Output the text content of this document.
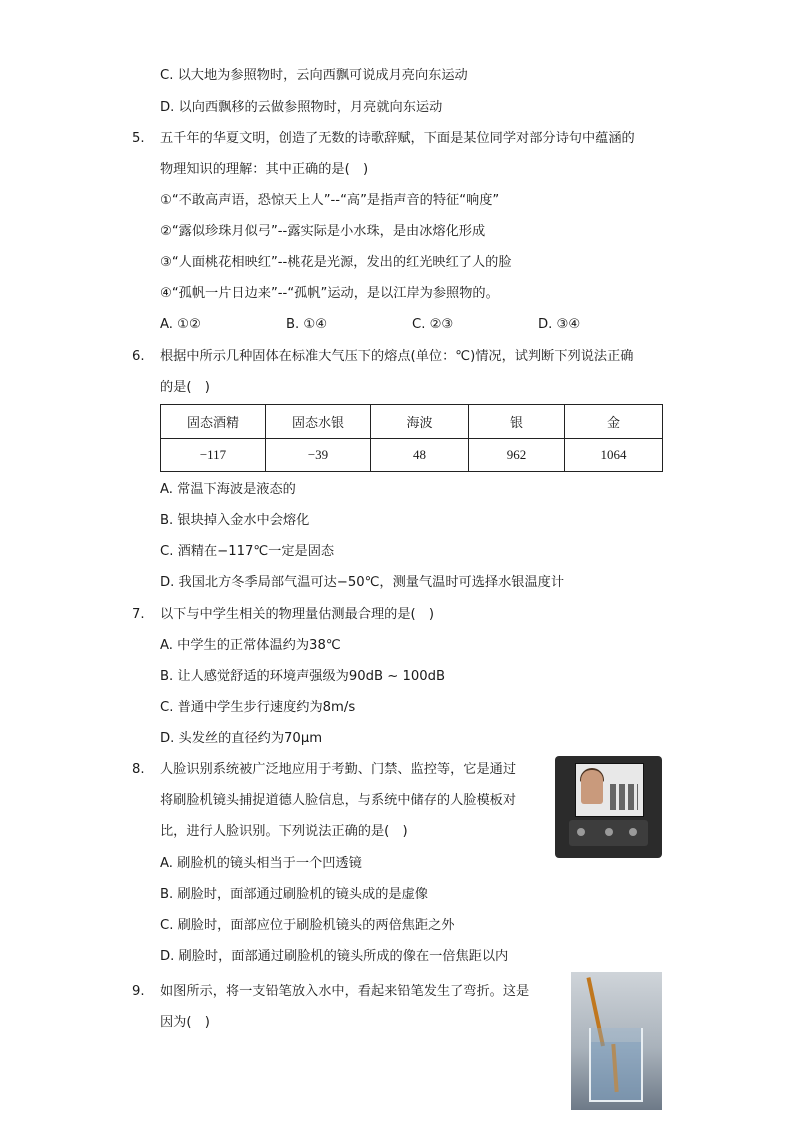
C. 以大地为参照物时，云向西飘可说成月亮向东运动
D. 以向西飘移的云做参照物时，月亮就向东运动
5. 五千年的华夏文明，创造了无数的诗歌辞赋，下面是某位同学对部分诗句中蕴涵的
物理知识的理解：其中正确的是(　)
①“不敢高声语，恐惊天上人”--“高”是指声音的特征“响度”
②“露似珍珠月似弓”--露实际是小水珠，是由冰熔化形成
③“人面桃花相映红”--桃花是光源，发出的红光映红了人的脸
④“孤帆一片日边来”--“孤帆”运动，是以江岸为参照物的。
A. ①②	B. ①④	C. ②③	D. ③④
6. 根据中所示几种固体在标准大气压下的熔点(单位：℃)情况，试判断下列说法正确
的是(　)
固态酒精	固态水银	海波	银	金
−117	−39	48	962	1064
A. 常温下海波是液态的
B. 银块掉入金水中会熔化
C. 酒精在−117℃一定是固态
D. 我国北方冬季局部气温可达−50℃，测量气温时可选择水银温度计
7. 以下与中学生相关的物理量估测最合理的是(　)
A. 中学生的正常体温约为38℃
B. 让人感觉舒适的环境声强级为90dB ~ 100dB
C. 普通中学生步行速度约为8m/s
D. 头发丝的直径约为70μm
8. 人脸识别系统被广泛地应用于考勤、门禁、监控等，它是通过
将刷脸机镜头捕捉道德人脸信息，与系统中储存的人脸模板对
比，进行人脸识别。下列说法正确的是(　)
A. 刷脸机的镜头相当于一个凹透镜
B. 刷脸时，面部通过刷脸机的镜头成的是虚像
C. 刷脸时，面部应位于刷脸机镜头的两倍焦距之外
D. 刷脸时，面部通过刷脸机的镜头所成的像在一倍焦距以内
9. 如图所示，将一支铅笔放入水中，看起来铅笔发生了弯折。这是
因为(　)
